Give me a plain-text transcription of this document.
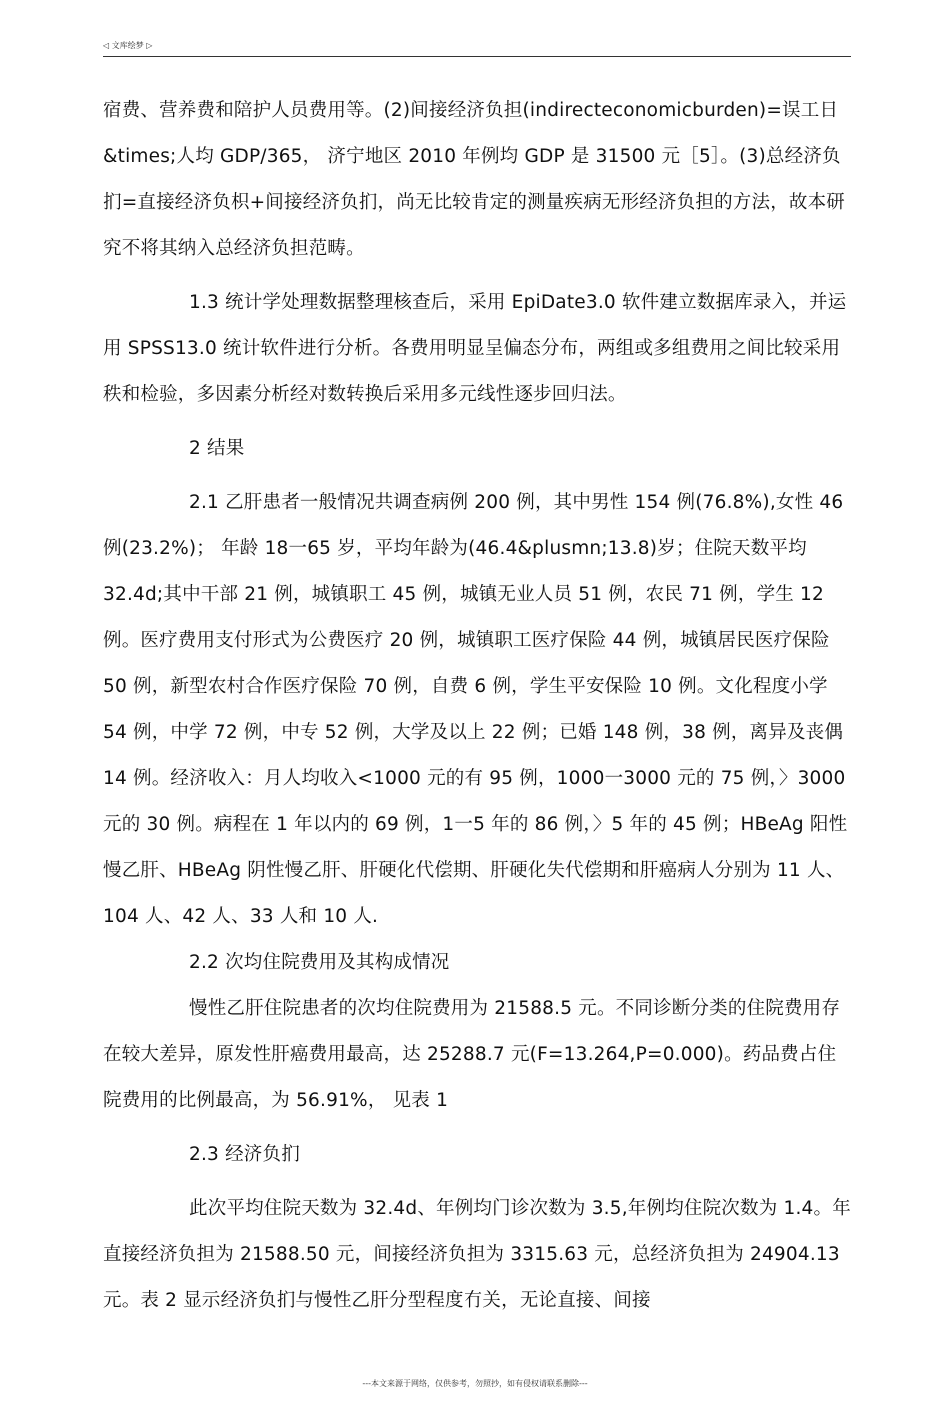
◁ 文库绘梦 ▷

宿费、营养费和陪护人员费用等。(2)间接经济负担(indirecteconomicburden)=误工日&times;人均 GDP/365， 济宁地区 2010 年例均 GDP 是 31500 元［5］。(3)总经济负扪=直接经济负枳+间接经济负扪，尚无比较肯定的测量疾病无形经济负担的方法，故本研究不将其纳入总经济负担范畴。

1.3 统计学处理数据整理核查后，采用 EpiDate3.0 软件建立数据库录入，并运用 SPSS13.0 统计软件进行分析。各费用明显呈偏态分布，两组或多组费用之间比较采用秩和检验，多因素分析经对数转换后采用多元线性逐步回归法。

2 结果

2.1 乙肝患者一般情况共调查病例 200 例，其中男性 154 例(76.8%),女性 46 例(23.2%)； 年龄 18一65 岁，平均年龄为(46.4&plusmn;13.8)岁；住院天数平均 32.4d;其中干部 21 例，城镇职工 45 例，城镇无业人员 51 例，农民 71 例，学生 12 例。医疗费用支付形式为公费医疗 20 例，城镇职工医疗保险 44 例，城镇居民医疗保险 50 例，新型农村合作医疗保险 70 例，自费 6 例，学生平安保险 10 例。文化程度小学 54 例，中学 72 例，中专 52 例，大学及以上 22 例；已婚 148 例，38 例，离异及丧偶 14 例。经济收入：月人均收入<1000 元的有 95 例，1000一3000 元的 75 例，〉3000 元的 30 例。病程在 1 年以内的 69 例，1一5 年的 86 例，〉5 年的 45 例；HBeAg 阳性慢乙肝、HBeAg 阴性慢乙肝、肝硬化代偿期、肝硬化失代偿期和肝癌病人分别为 11 人、104 人、42 人、33 人和 10 人.

2.2 次均住院费用及其构成情况

慢性乙肝住院患者的次均住院费用为 21588.5 元。不同诊断分类的住院费用存在较大差异，原发性肝癌费用最高，达 25288.7 元(F=13.264,P=0.000)。药品费占住院费用的比例最高，为 56.91%， 见表 1

2.3 经济负扪

此次平均住院天数为 32.4d、年例均门诊次数为 3.5,年例均住院次数为 1.4。年直接经济负担为 21588.50 元，间接经济负担为 3315.63 元，总经济负担为 24904.13 元。表 2 显示经济负扪与慢性乙肝分型程度冇关，无论直接、间接

---本文来源于网络，仅供参考，勿照抄，如有侵权请联系删除---
